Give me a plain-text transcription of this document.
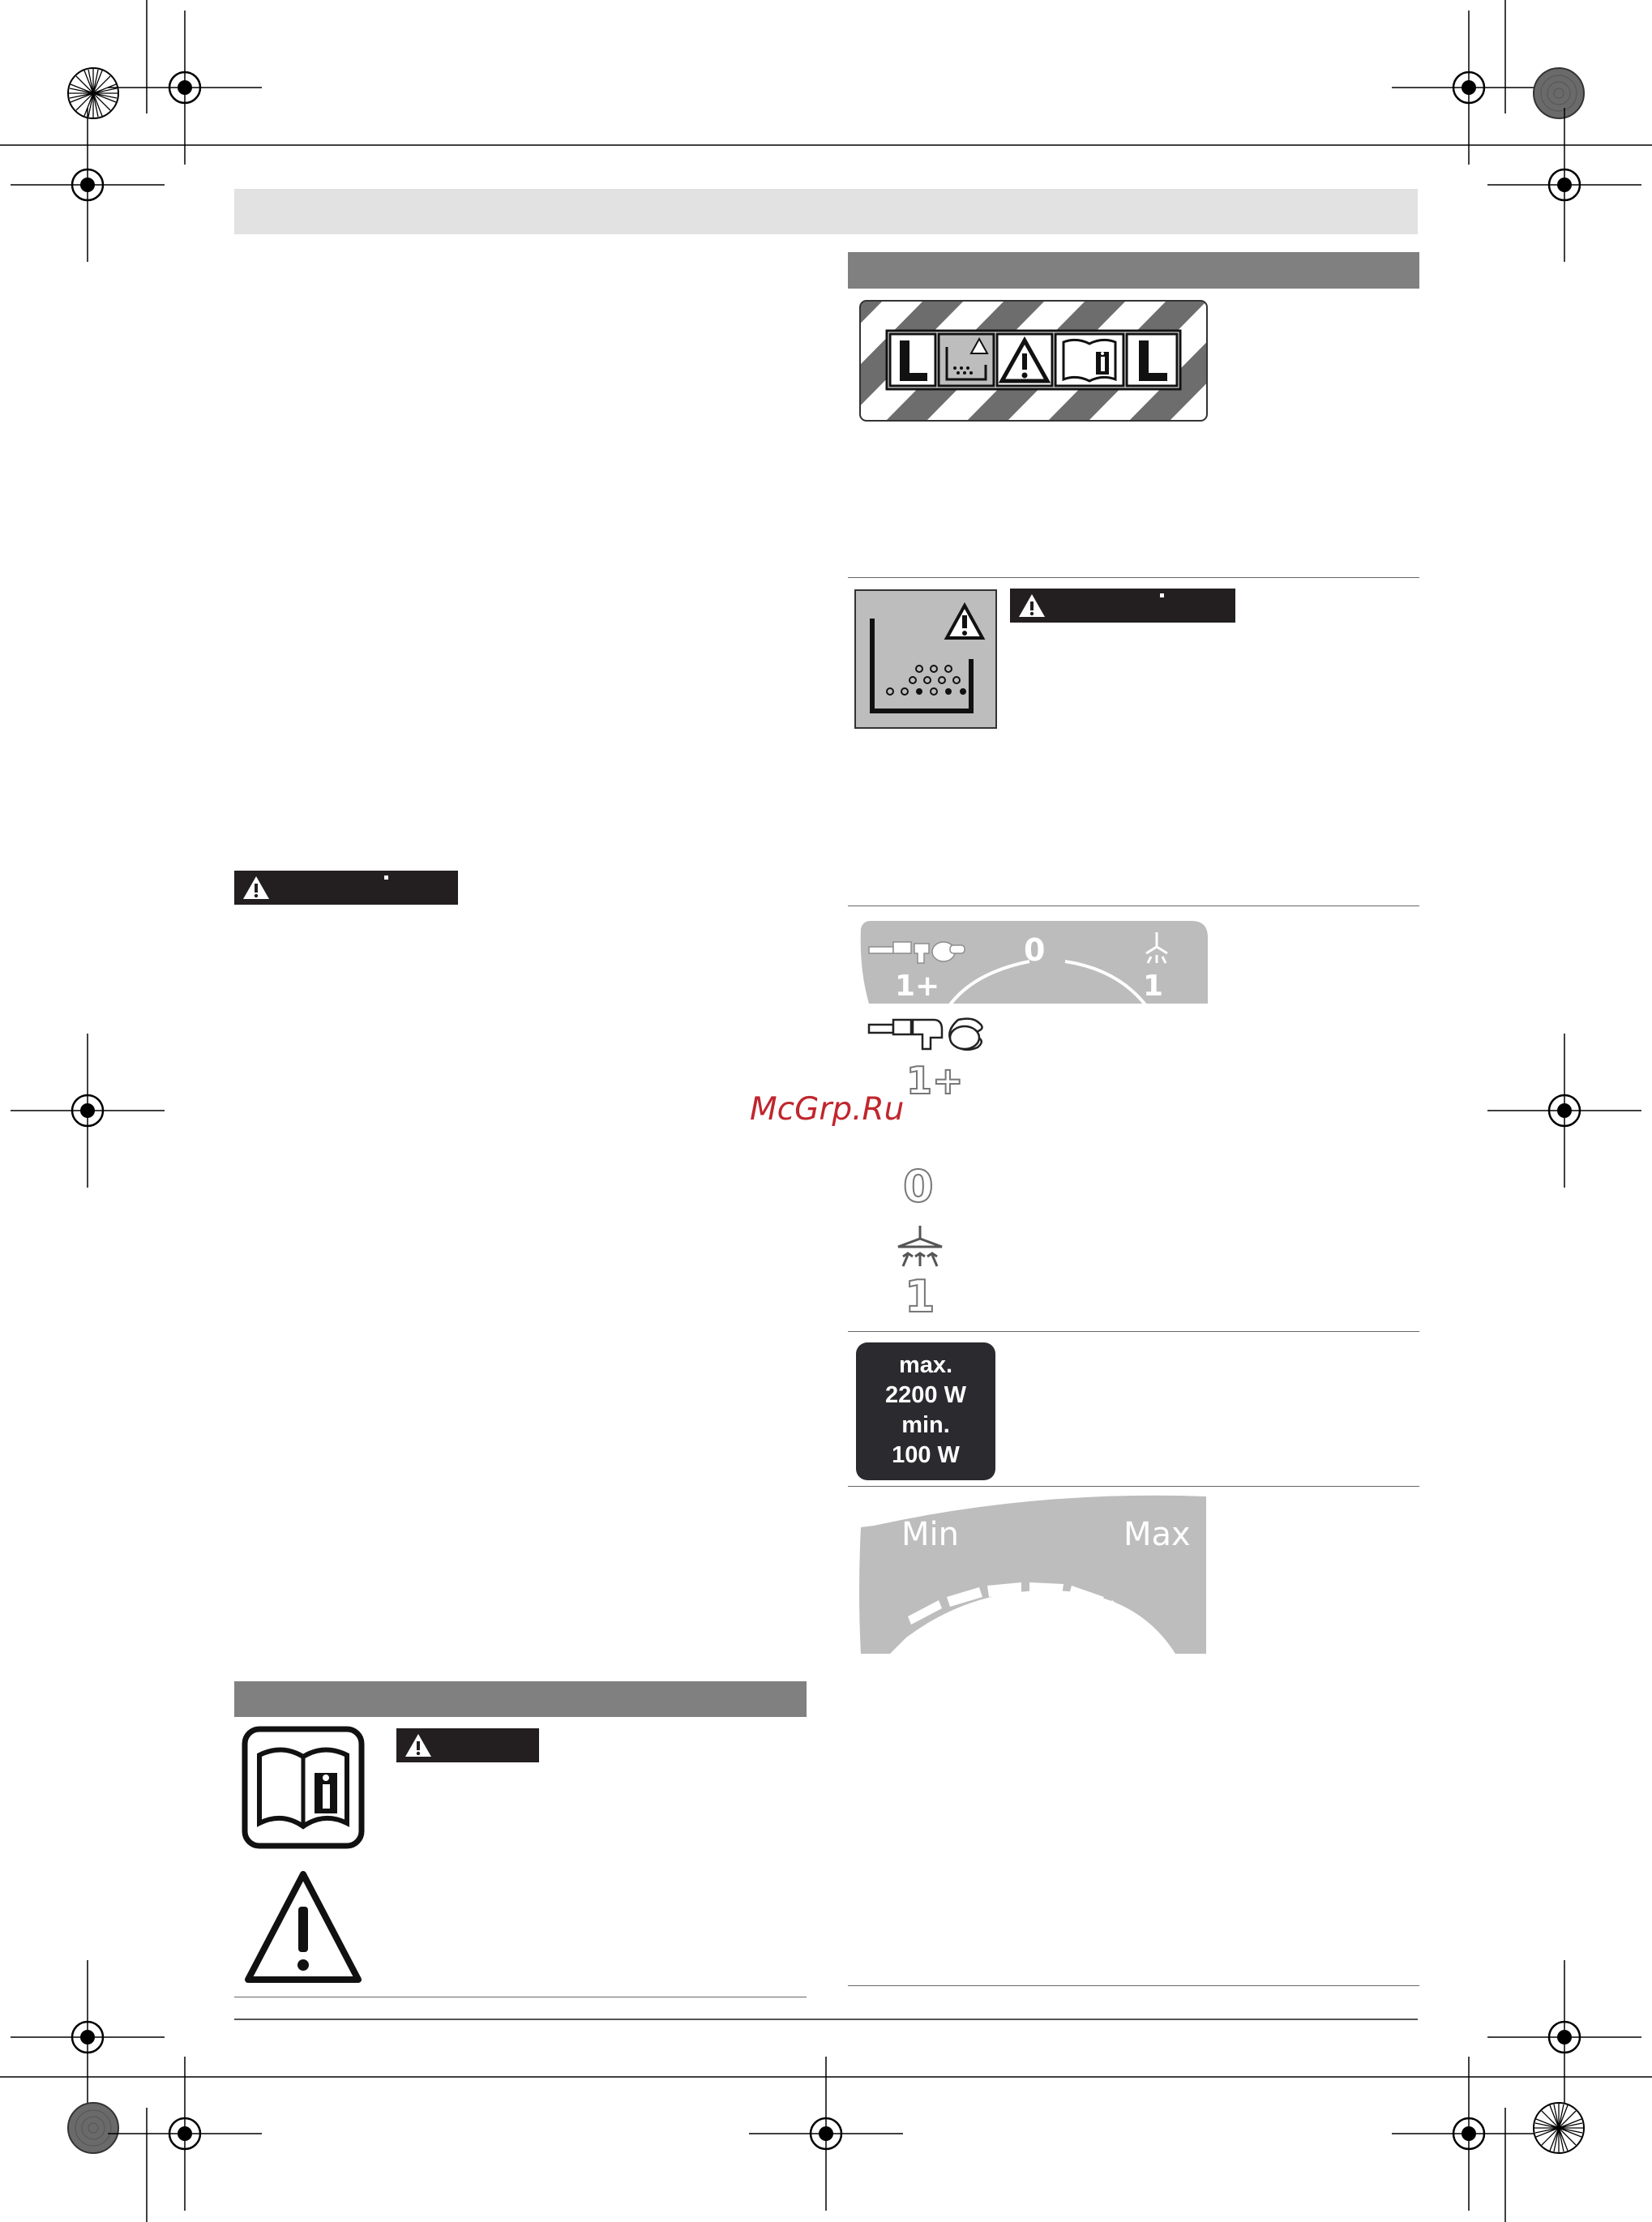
1+
0
1
1+
0
1
max.
2200 W
min.
100 W
Min	Max
McGrp.Ru
